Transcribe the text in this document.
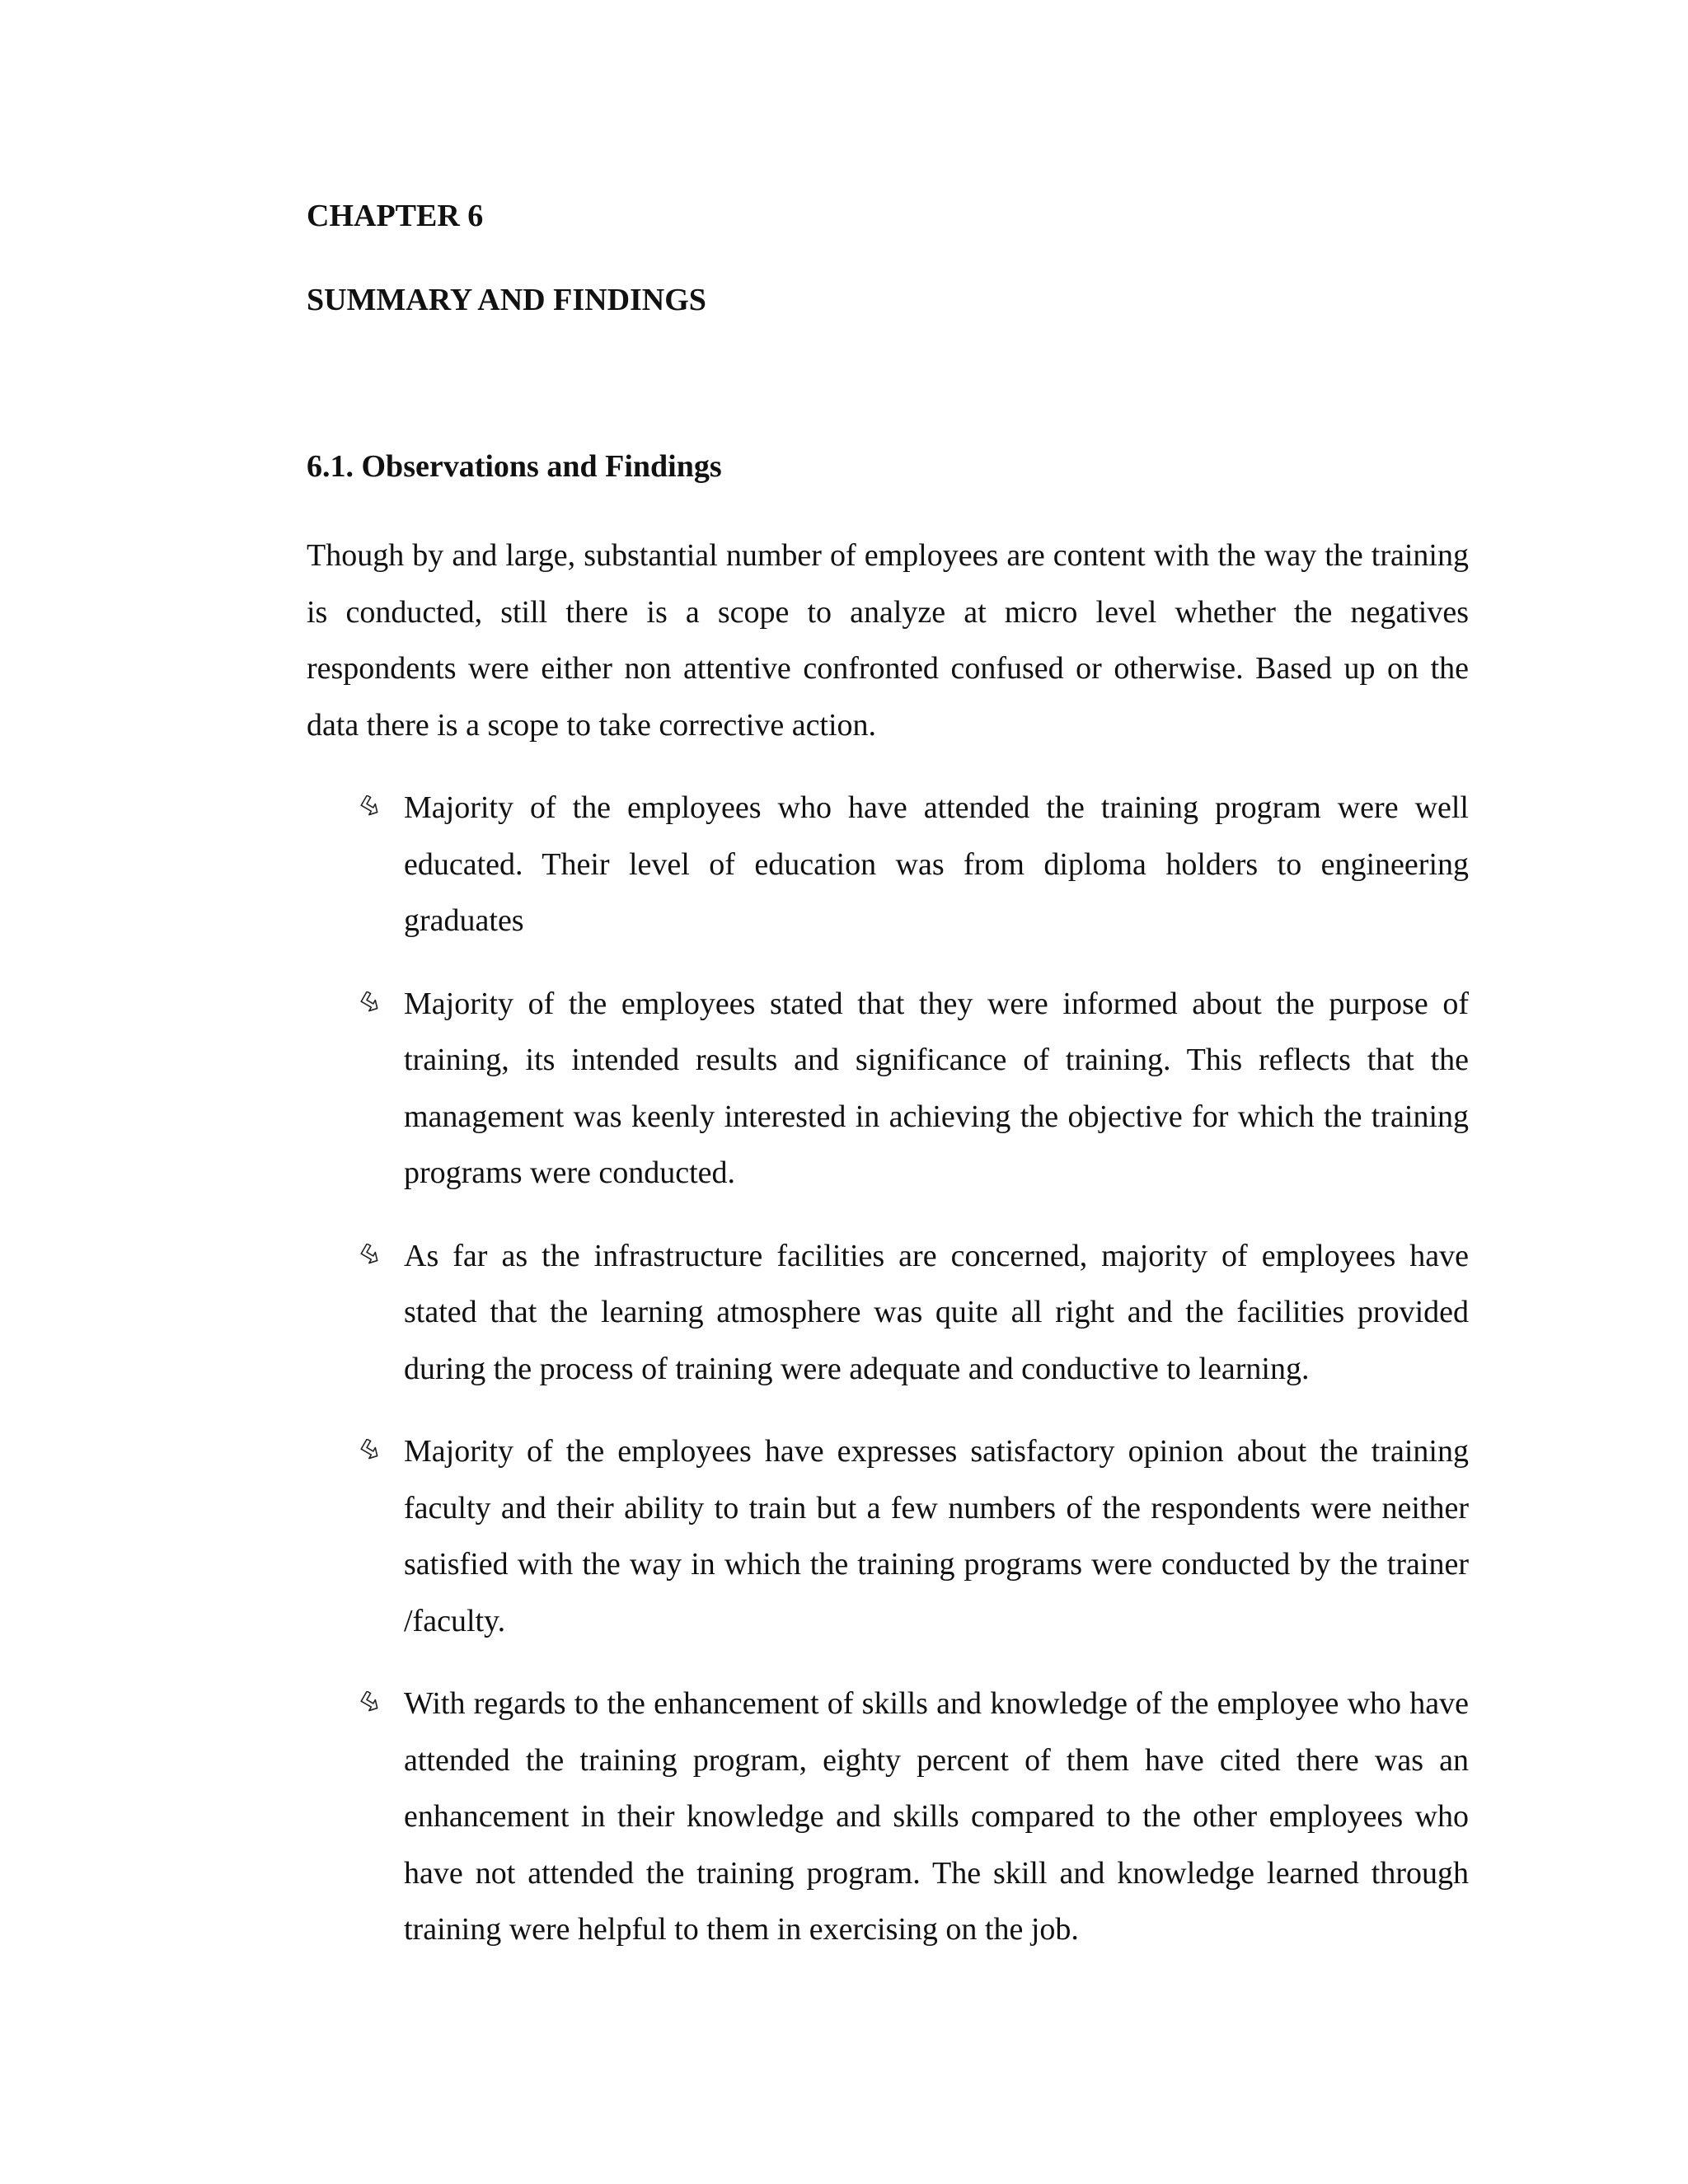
CHAPTER 6
SUMMARY AND FINDINGS
6.1. Observations and Findings

Though by and large, substantial number of employees are content with the way the training is conducted, still there is a scope to analyze at micro level whether the negatives respondents were either non attentive confronted confused or otherwise. Based up on the data there is a scope to take corrective action.

Majority of the employees who have attended the training program were well educated. Their level of education was from diploma holders to engineering graduates
Majority of the employees stated that they were informed about the purpose of training, its intended results and significance of training. This reflects that the management was keenly interested in achieving the objective for which the training programs were conducted.
As far as the infrastructure facilities are concerned, majority of employees have stated that the learning atmosphere was quite all right and the facilities provided during the process of training were adequate and conductive to learning.
Majority of the employees have expresses satisfactory opinion about the training faculty and their ability to train but a few numbers of the respondents were neither satisfied with the way in which the training programs were conducted by the trainer /faculty.
With regards to the enhancement of skills and knowledge of the employee who have attended the training program, eighty percent of them have cited there was an enhancement in their knowledge and skills compared to the other employees who have not attended the training program. The skill and knowledge learned through training were helpful to them in exercising on the job.
